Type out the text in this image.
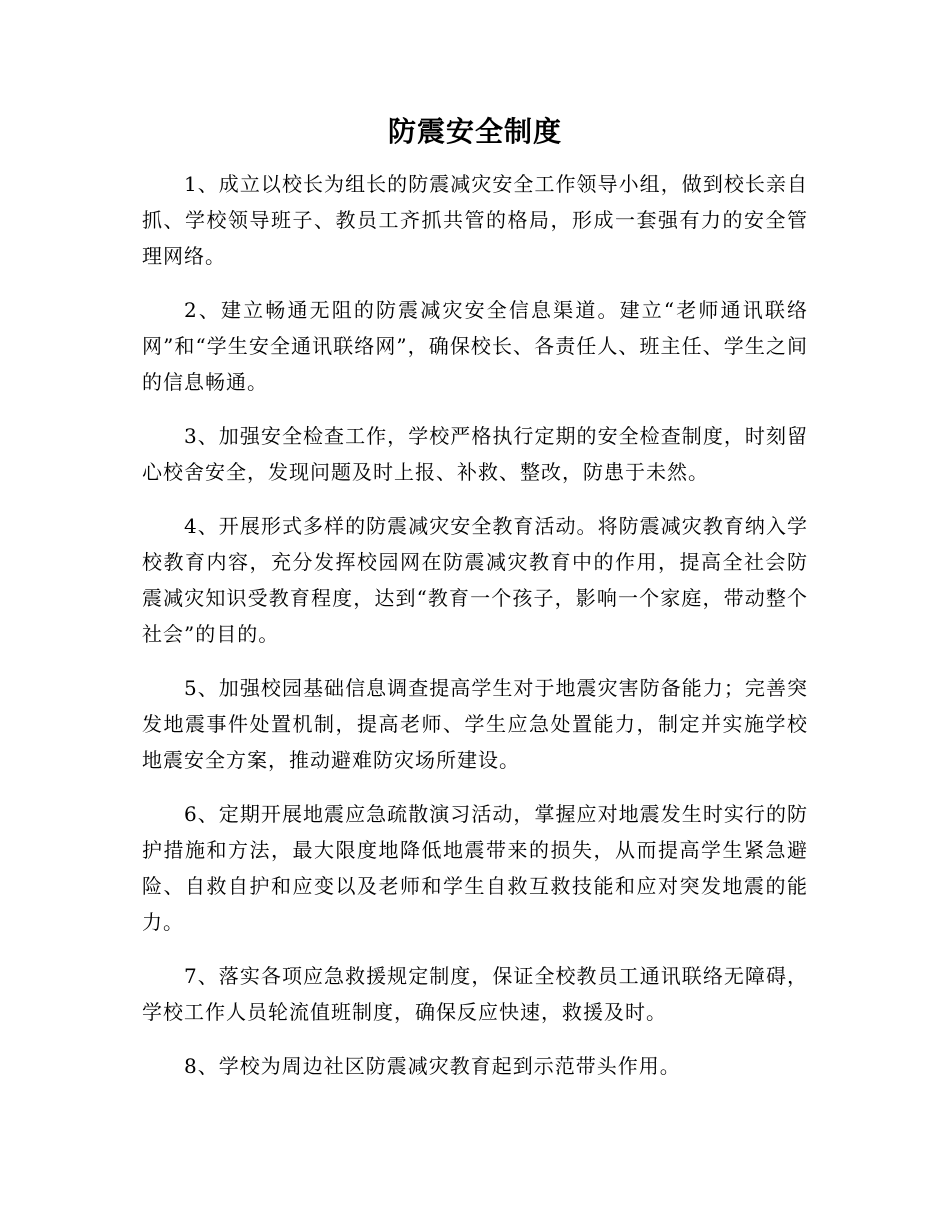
防震安全制度

1、成立以校长为组长的防震减灾安全工作领导小组，做到校长亲自抓、学校领导班子、教员工齐抓共管的格局，形成一套强有力的安全管理网络。

2、建立畅通无阻的防震减灾安全信息渠道。建立“老师通讯联络网”和“学生安全通讯联络网”，确保校长、各责任人、班主任、学生之间的信息畅通。

3、加强安全检查工作，学校严格执行定期的安全检查制度，时刻留心校舍安全，发现问题及时上报、补救、整改，防患于未然。

4、开展形式多样的防震减灾安全教育活动。将防震减灾教育纳入学校教育内容，充分发挥校园网在防震减灾教育中的作用，提高全社会防震减灾知识受教育程度，达到“教育一个孩子，影响一个家庭，带动整个社会”的目的。

5、加强校园基础信息调查提高学生对于地震灾害防备能力；完善突发地震事件处置机制，提高老师、学生应急处置能力，制定并实施学校地震安全方案，推动避难防灾场所建设。

6、定期开展地震应急疏散演习活动，掌握应对地震发生时实行的防护措施和方法，最大限度地降低地震带来的损失，从而提高学生紧急避险、自救自护和应变以及老师和学生自救互救技能和应对突发地震的能力。

7、落实各项应急救援规定制度，保证全校教员工通讯联络无障碍，学校工作人员轮流值班制度，确保反应快速，救援及时。

8、学校为周边社区防震减灾教育起到示范带头作用。
